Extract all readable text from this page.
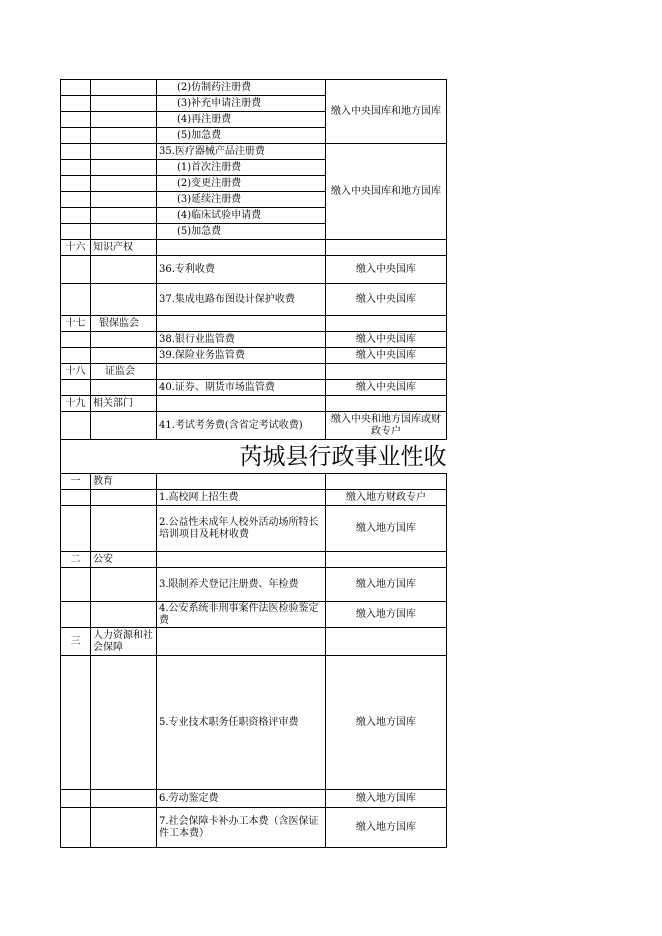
		(2)仿制药注册费	缴入中央国库和地方国库
		(3)补充申请注册费	
		(4)再注册费	
		(5)加急费	
		35.医疗器械产品注册费	缴入中央国库和地方国库
		(1)首次注册费	
		(2)变更注册费	
		(3)延续注册费	
		(4)临床试验申请费	
		(5)加急费	
十六	知识产权		
		36.专利收费	缴入中央国库
		37.集成电路布图设计保护收费	缴入中央国库
十七	银保监会		
		38.银行业监管费	缴入中央国库
		39.保险业务监管费	缴入中央国库
十八	证监会		
		40.证券、期货市场监管费	缴入中央国库
十九	相关部门		
		41.考试考务费(含省定考试收费)	缴入中央和地方国库或财政专户
	芮城县行政事业性收		
一	教育		
		1.高校网上招生费	缴入地方财政专户
		2.公益性未成年人校外活动场所特长培训项目及耗材收费	缴入地方国库
二	公安		
		3.限制养犬登记注册费、年检费	缴入地方国库
		4.公安系统非刑事案件法医检验鉴定费	缴入地方国库
三	人力资源和社会保障		
		5.专业技术职务任职资格评审费	缴入地方国库
		6.劳动鉴定费	缴入地方国库
		7.社会保障卡补办工本费（含医保证件工本费）	缴入地方国库
